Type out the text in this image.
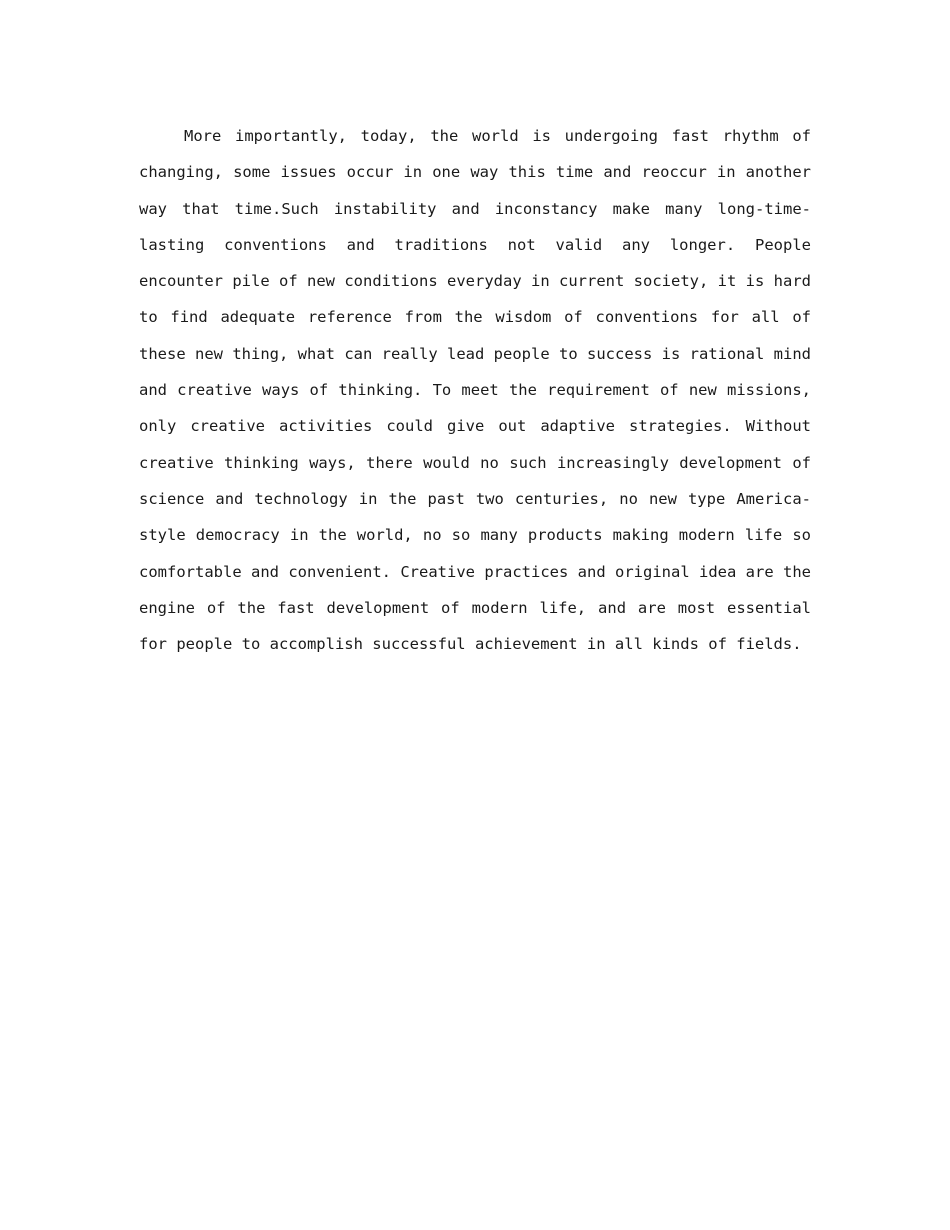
More importantly, today, the world is undergoing fast rhythm of changing, some issues occur in one way this time and reoccur in another way that time.Such instability and inconstancy make many long-time-lasting conventions and traditions not valid any longer. People encounter pile of new conditions everyday in current society, it is hard to find adequate reference from the wisdom of conventions for all of these new thing, what can really lead people to success is rational mind and creative ways of thinking. To meet the requirement of new missions, only creative activities could give out adaptive strategies. Without creative thinking ways, there would no such increasingly development of science and technology in the past two centuries, no new type America-style democracy in the world, no so many products making modern life so comfortable and convenient. Creative practices and original idea are the engine of the fast development of modern life, and are most essential for people to accomplish successful achievement in all kinds of fields.
